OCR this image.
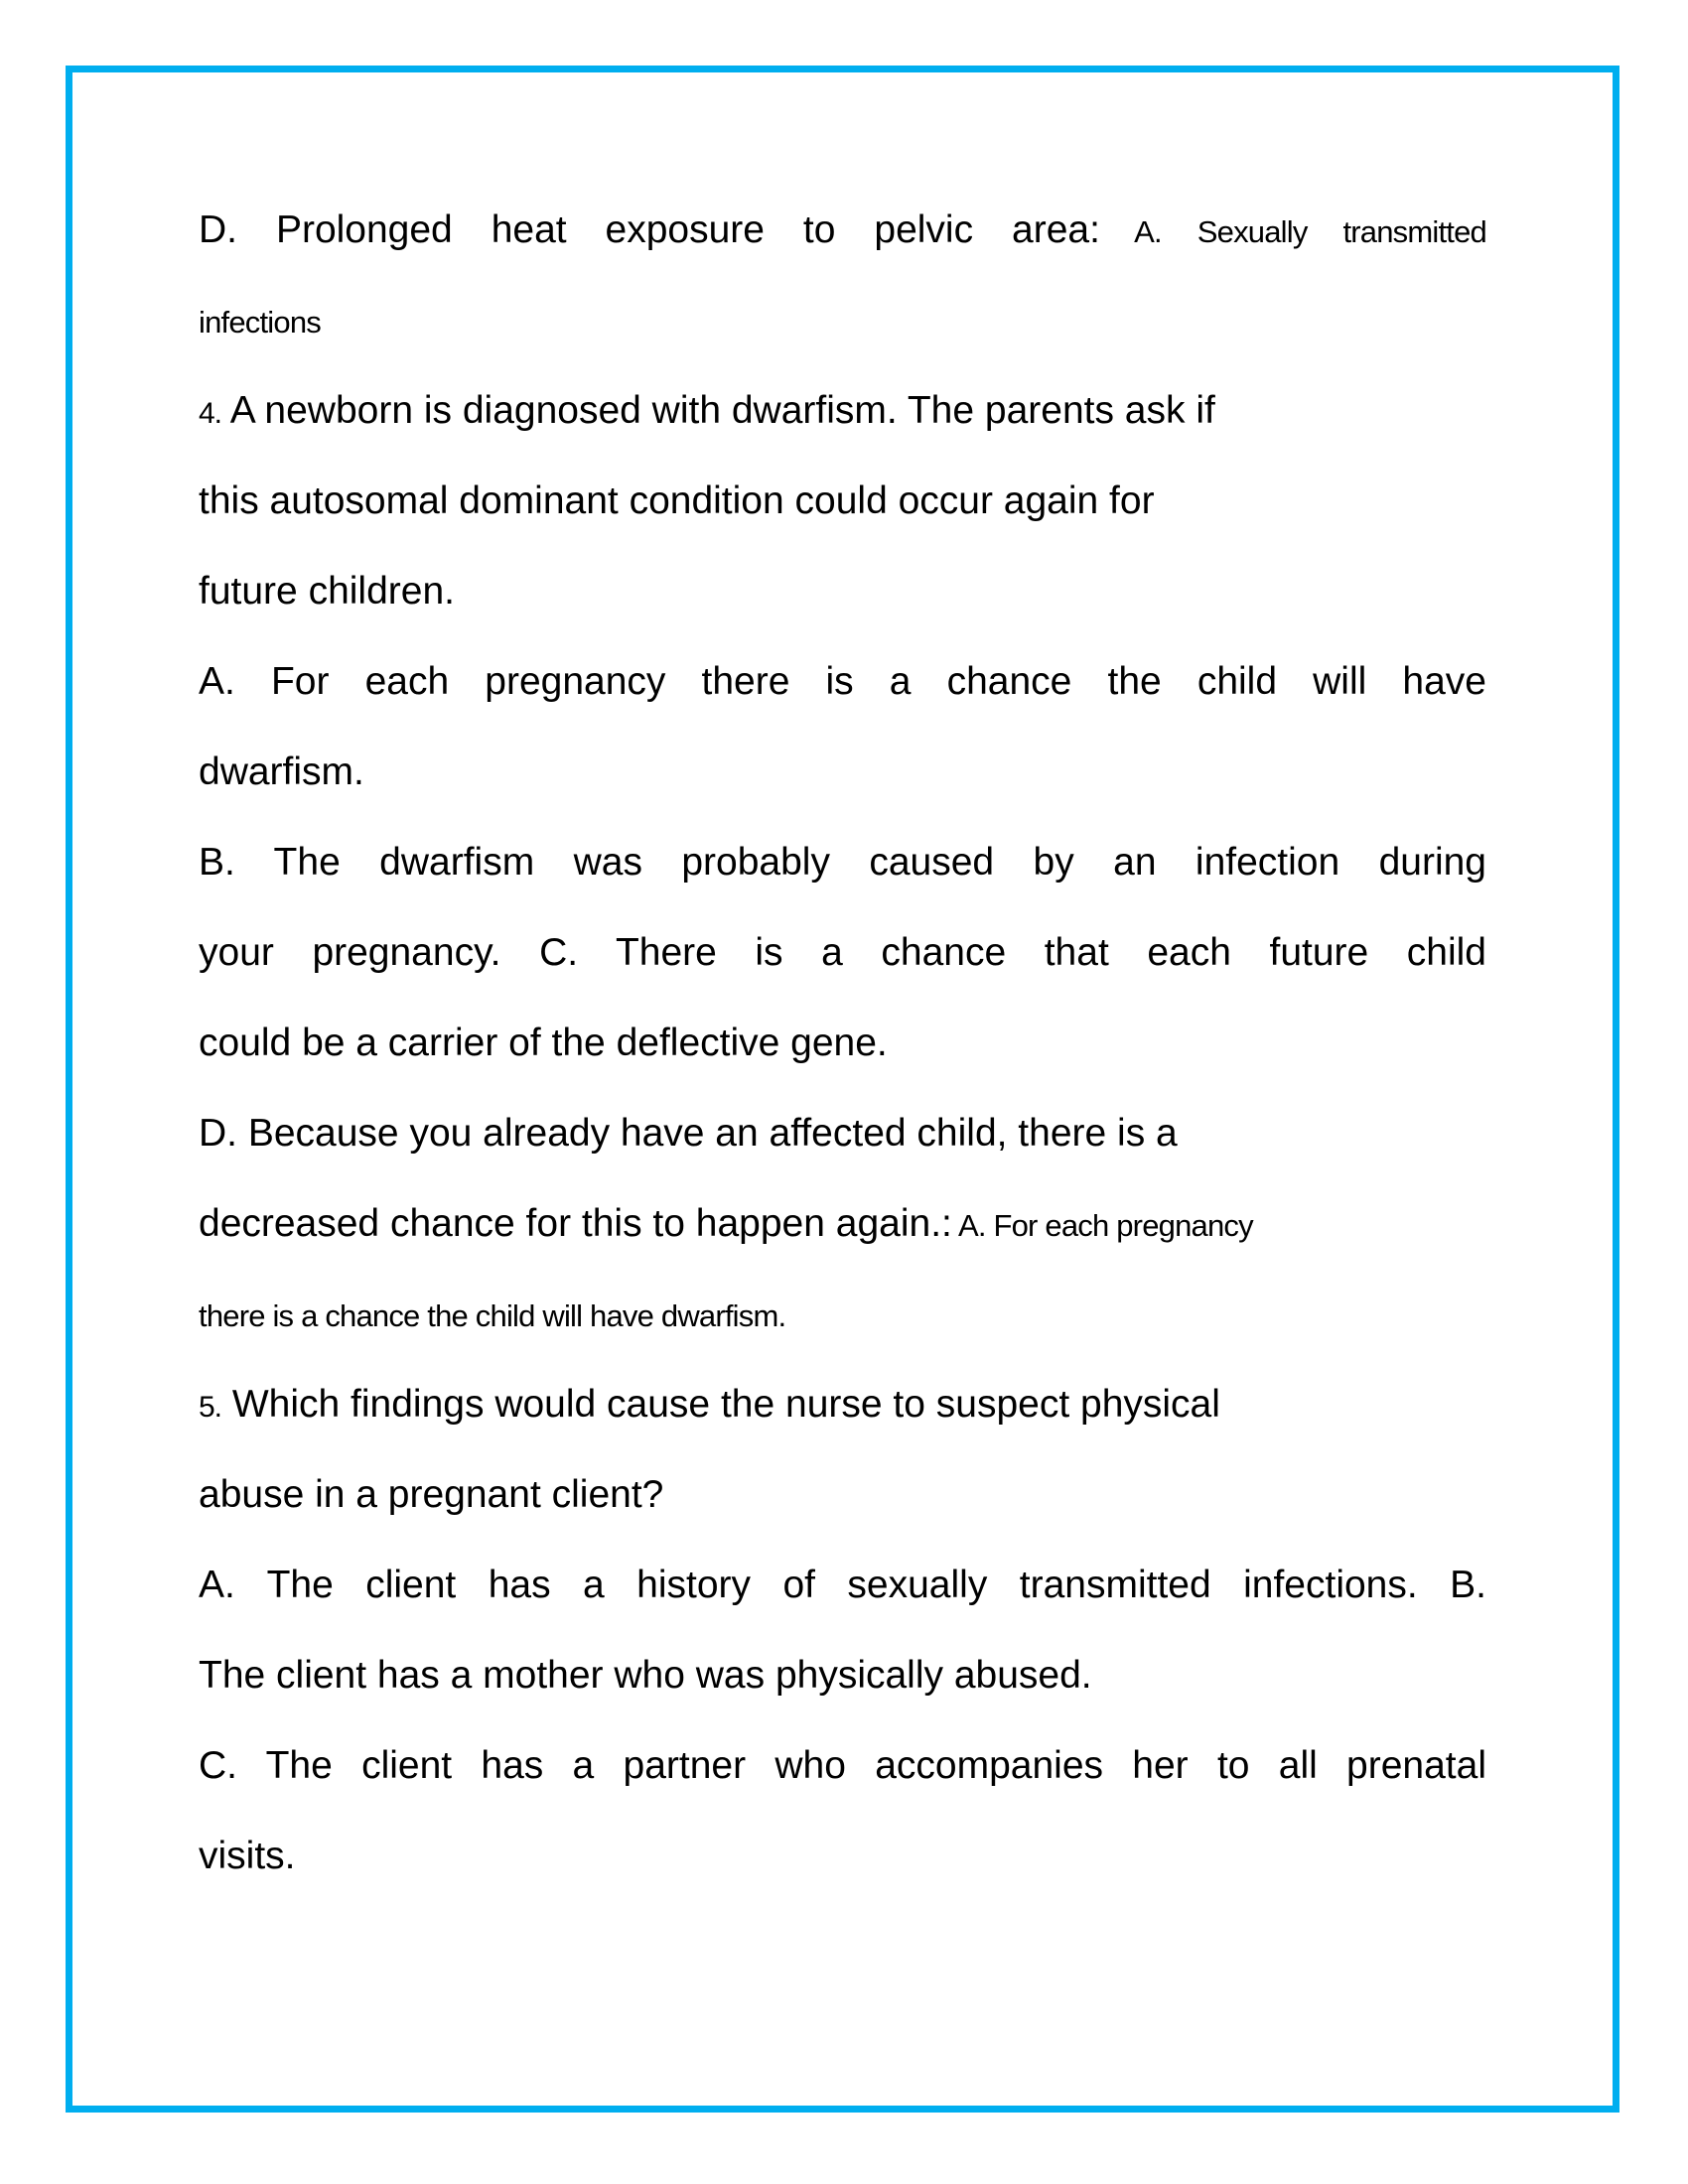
D. Prolonged heat exposure to pelvic area: A. Sexually transmitted
infections
4. A newborn is diagnosed with dwarfism. The parents ask if
this autosomal dominant condition could occur again for
future children.
A. For each pregnancy there is a chance the child will have
dwarfism.
B. The dwarfism was probably caused by an infection during
your pregnancy. C. There is a chance that each future child
could be a carrier of the deflective gene.
D. Because you already have an affected child, there is a
decreased chance for this to happen again.: A. For each pregnancy
there is a chance the child will have dwarfism.
5. Which findings would cause the nurse to suspect physical
abuse in a pregnant client?
A. The client has a history of sexually transmitted infections. B.
The client has a mother who was physically abused.
C. The client has a partner who accompanies her to all prenatal
visits.
